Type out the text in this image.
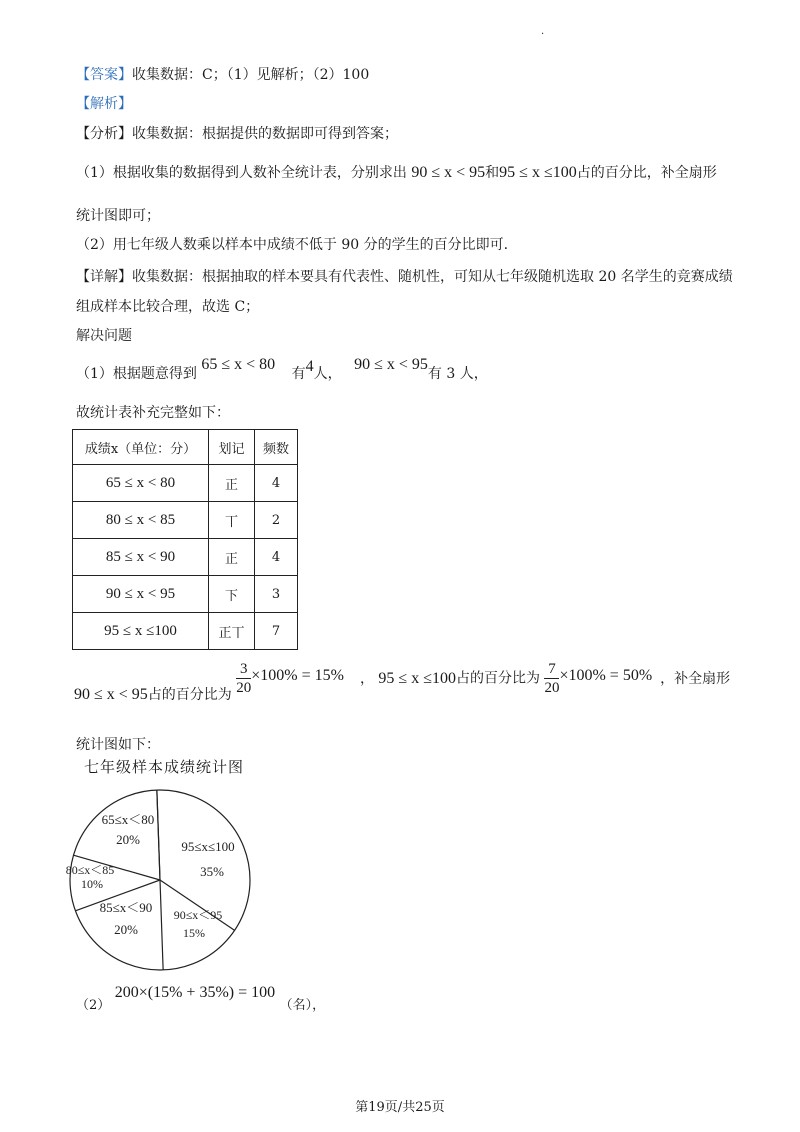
.
【答案】收集数据：C；（1）见解析；（2）100
【解析】
【分析】收集数据：根据提供的数据即可得到答案；
（1）根据收集的数据得到人数补全统计表，分别求出 90 ≤ x < 95和95 ≤ x ≤100占的百分比，补全扇形
统计图即可；
（2）用七年级人数乘以样本中成绩不低于 90 分的学生的百分比即可.
【详解】收集数据：根据抽取的样本要具有代表性、随机性，可知从七年级随机选取 20 名学生的竞赛成绩
组成样本比较合理，故选 C；
解决问题
（1）根据题意得到 65 ≤ x < 80 有4人， 90 ≤ x < 95有 3 人，
故统计表补充完整如下：
成绩x（单位：分）	划记	频数
65 ≤ x < 80	正	4
80 ≤ x < 85	丅	2
85 ≤ x < 90	正	4
90 ≤ x < 95	下	3
95 ≤ x ≤100	正丅	7
90 ≤ x < 95占的百分比为 $\frac{3}{20} \times 100\% = 15\%$ ， 95 ≤ x ≤100占的百分比为 $\frac{7}{20} \times 100\% = 50\%$ ，补全扇形
统计图如下：
七年级样本成绩统计图
65≤x＜80
20%
80≤x＜85
10%
85≤x＜90
20%
90≤x＜95
15%
95≤x≤100
35%
（2） 200×(15% + 35%) = 100 （名），
第19页/共25页
